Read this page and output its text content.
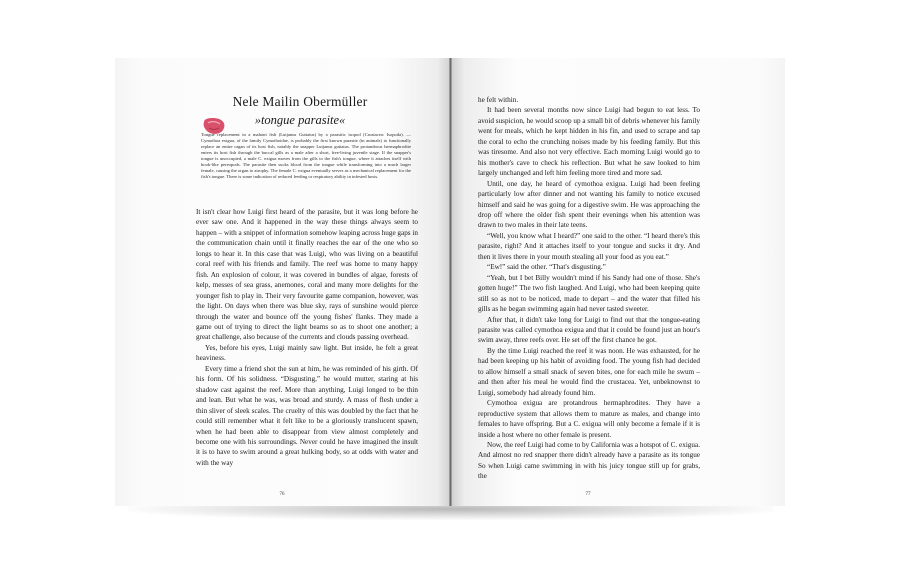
Nele Mailin Obermüller
»tongue parasite«
Tongue replacement in a mahoni fish (Lutjanus Guttatus) by a parasitic isopod (Crustacea: Isopoda). — Cymothoa exigua, of the family Cymothoidae, is probably the first known parasite (in animals) to functionally replace an entire organ of its host fish, notably the snapper Lutjanus guttatus. The protandrous hermaphrodite enters its host fish through the buccal gills as a male after a short, free-living juvenile stage. If the snapper's tongue is unoccupied, a male C. exigua moves from the gills to the fish's tongue, where it attaches itself with hook-like pereopods. The parasite then sucks blood from the tongue while transforming into a much larger female, causing the organ to atrophy. The female C. exigua eventually serves as a mechanical replacement for the fish's tongue. There is some indication of reduced feeding or respiratory ability in infested hosts.

It isn't clear how Luigi first heard of the parasite, but it was long before he ever saw one. And it happened in the way these things always seem to happen – with a snippet of information somehow leaping across huge gaps in the communication chain until it finally reaches the ear of the one who so longs to hear it. In this case that was Luigi, who was living on a beautiful coral reef with his friends and family. The reef was home to many happy fish. An explosion of colour, it was covered in bundles of algae, forests of kelp, messes of sea grass, anemones, coral and many more delights for the younger fish to play in. Their very favourite game companion, however, was the light. On days when there was blue sky, rays of sunshine would pierce through the water and bounce off the young fishes' flanks. They made a game out of trying to direct the light beams so as to shoot one another; a great challenge, also because of the currents and clouds passing overhead.

Yes, before his eyes, Luigi mainly saw light. But inside, he felt a great heaviness.

Every time a friend shot the sun at him, he was reminded of his girth. Of his form. Of his solidness. “Disgusting,” he would mutter, staring at his shadow cast against the reef. More than anything, Luigi longed to be thin and lean. But what he was, was broad and sturdy. A mass of flesh under a thin sliver of sleek scales. The cruelty of this was doubled by the fact that he could still remember what it felt like to be a gloriously translucent spawn, when he had been able to disappear from view almost completely and become one with his surroundings. Never could he have imagined the insult it is to have to swim around a great hulking body, so at odds with water and with the way

76

he felt within.

It had been several months now since Luigi had begun to eat less. To avoid suspicion, he would scoop up a small bit of debris whenever his family went for meals, which he kept hidden in his fin, and used to scrape and tap the coral to echo the crunching noises made by his feeding family. But this was tiresome. And also not very effective. Each morning Luigi would go to his mother's cave to check his reflection. But what he saw looked to him largely unchanged and left him feeling more tired and more sad.

Until, one day, he heard of cymothoa exigua. Luigi had been feeling particularly low after dinner and not wanting his family to notice excused himself and said he was going for a digestive swim. He was approaching the drop off where the older fish spent their evenings when his attention was drawn to two males in their late teens.

“Well, you know what I heard?” one said to the other. “I heard there's this parasite, right? And it attaches itself to your tongue and sucks it dry. And then it lives there in your mouth stealing all your food as you eat.”

“Ew!” said the other. “That's disgusting.”

“Yeah, but I bet Billy wouldn't mind if his Sandy had one of those. She's gotten huge!” The two fish laughed. And Luigi, who had been keeping quite still so as not to be noticed, made to depart – and the water that filled his gills as he began swimming again had never tasted sweeter.

After that, it didn't take long for Luigi to find out that the tongue-eating parasite was called cymothoa exigua and that it could be found just an hour's swim away, three reefs over. He set off the first chance he got.

By the time Luigi reached the reef it was noon. He was exhausted, for he had been keeping up his habit of avoiding food. The young fish had decided to allow himself a small snack of seven bites, one for each mile he swum – and then after his meal he would find the crustacea. Yet, unbeknownst to Luigi, somebody had already found him.

Cymothoa exigua are protandrous hermaphrodites. They have a reproductive system that allows them to mature as males, and change into females to have offspring. But a C. exigua will only become a female if it is inside a host where no other female is present.

Now, the reef Luigi had come to by California was a hotspot of C. exigua. And almost no red snapper there didn't already have a parasite as its tongue So when Luigi came swimming in with his juicy tongue still up for grabs, the

77
